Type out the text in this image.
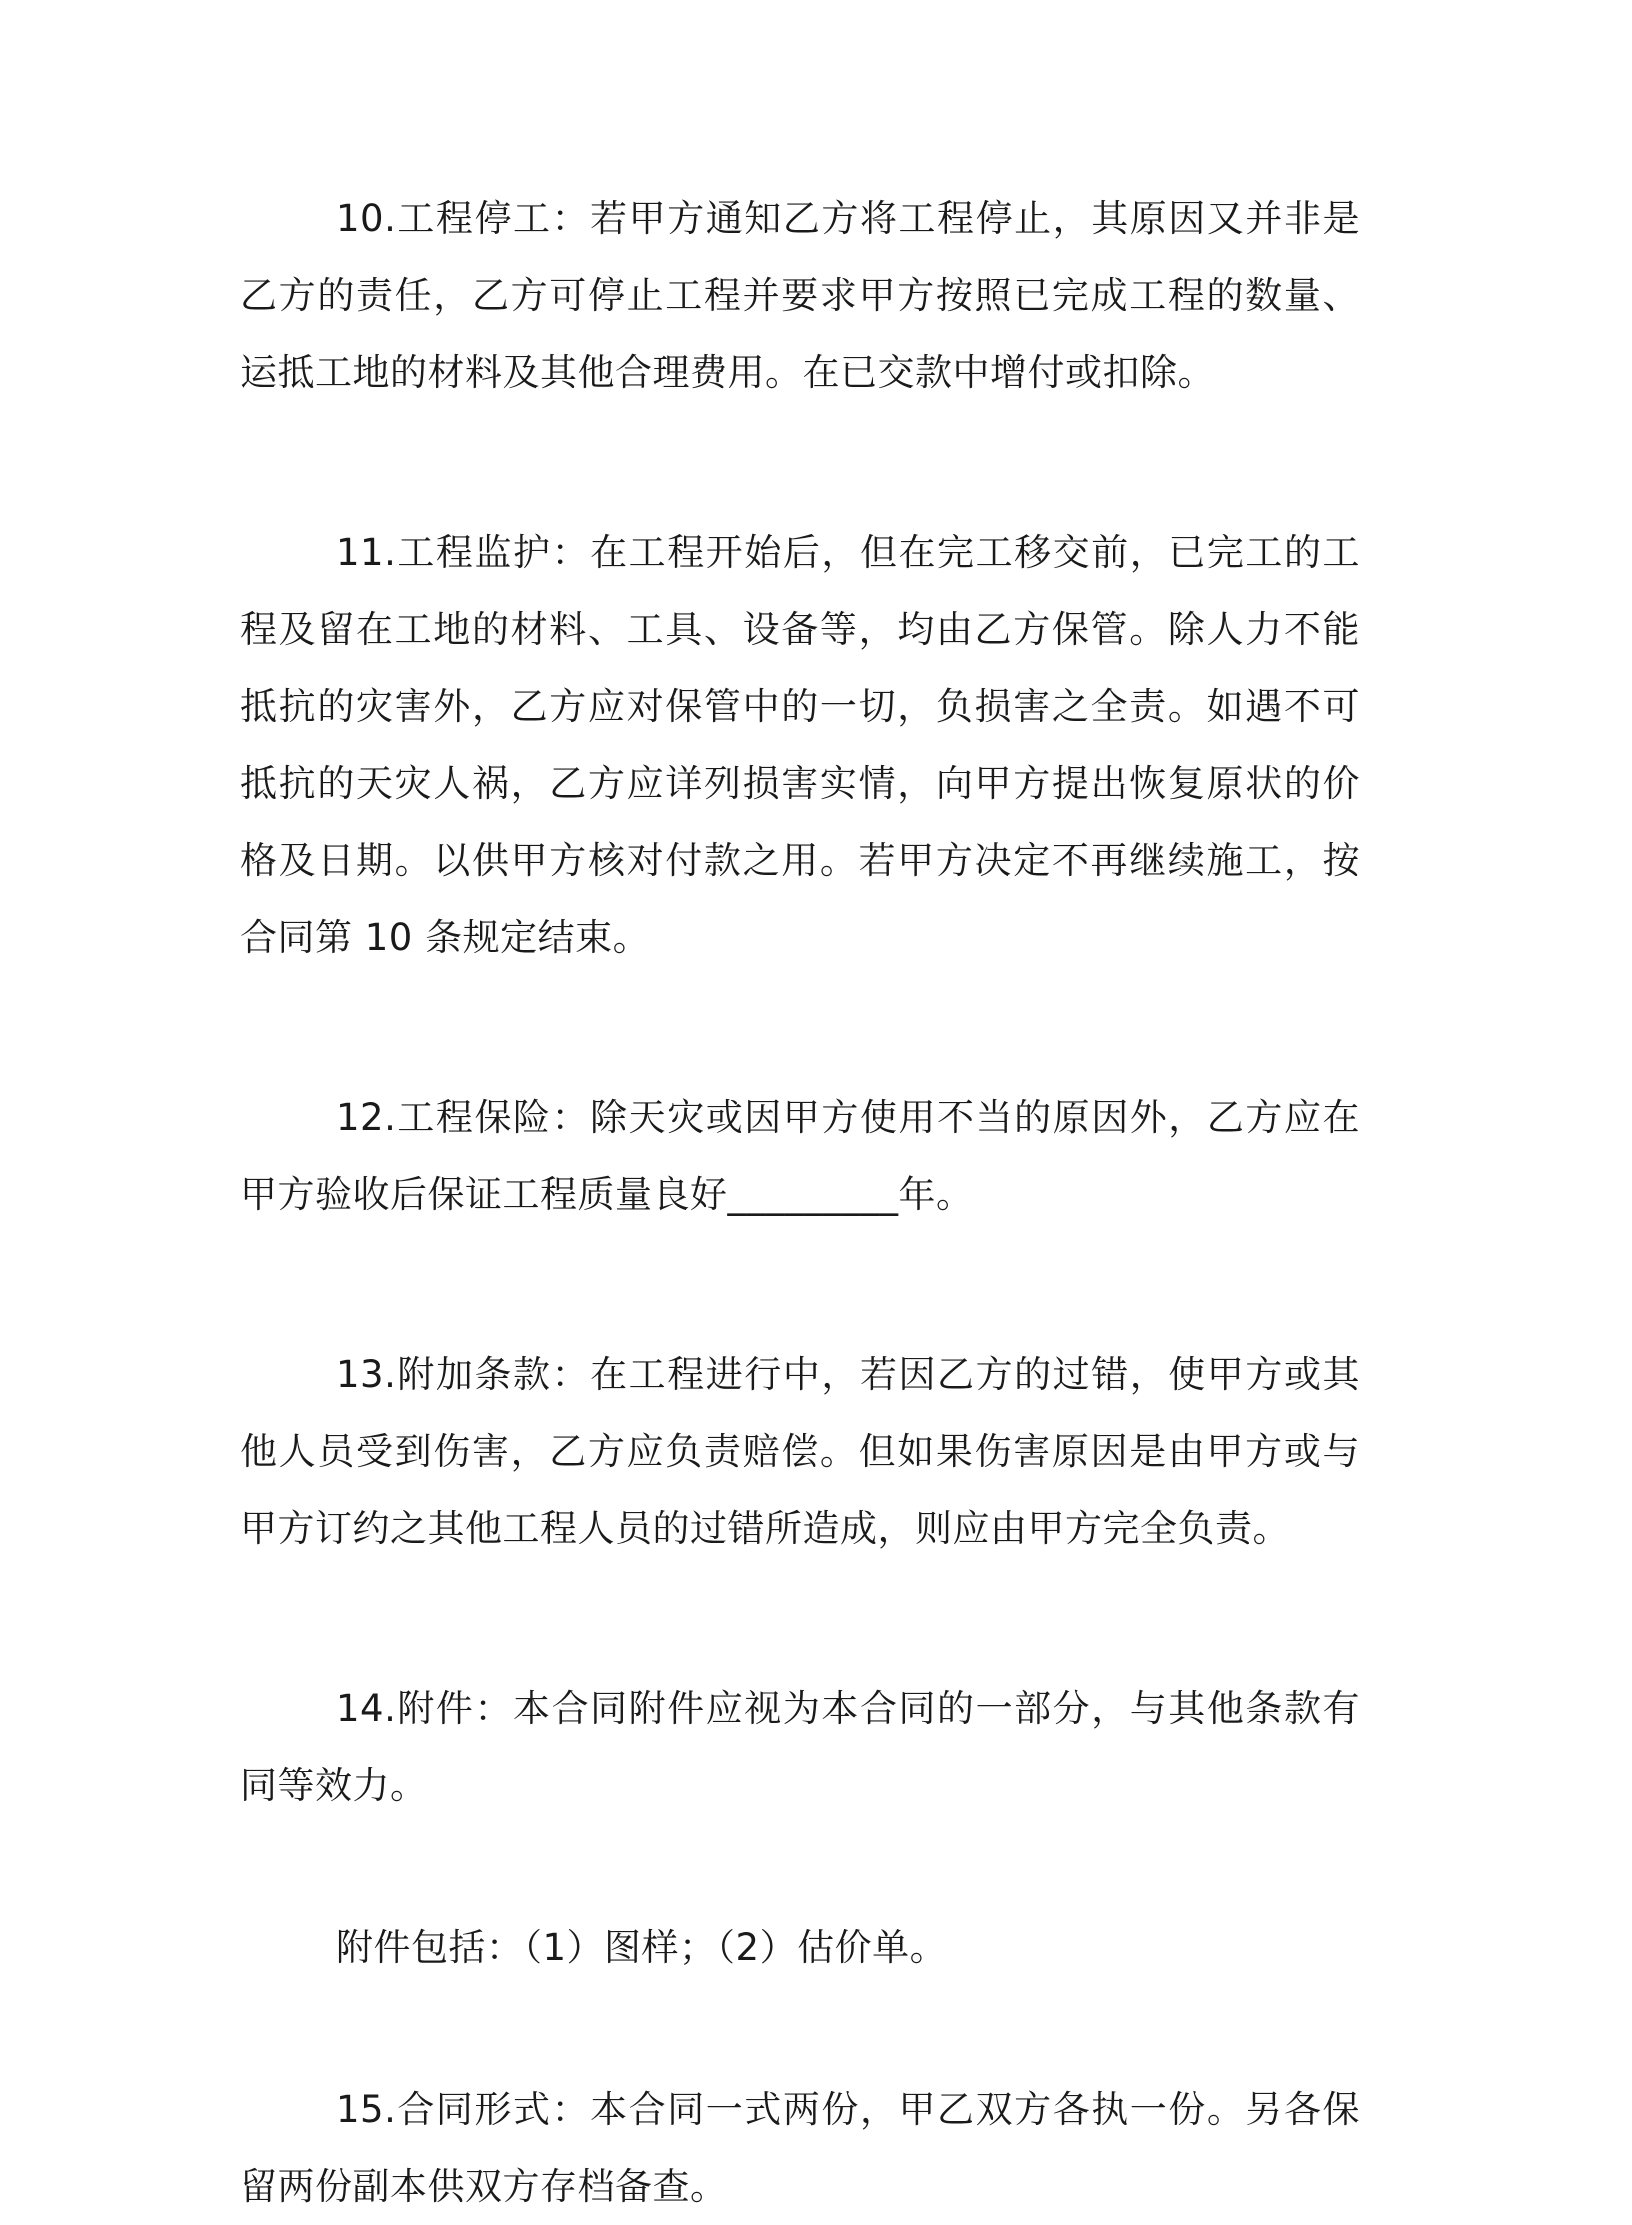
10.工程停工：若甲方通知乙方将工程停止，其原因又并非是乙方的责任，乙方可停止工程并要求甲方按照已完成工程的数量、运抵工地的材料及其他合理费用。在已交款中增付或扣除。

11.工程监护：在工程开始后，但在完工移交前，已完工的工程及留在工地的材料、工具、设备等，均由乙方保管。除人力不能抵抗的灾害外，乙方应对保管中的一切，负损害之全责。如遇不可抵抗的天灾人祸，乙方应详列损害实情，向甲方提出恢复原状的价格及日期。以供甲方核对付款之用。若甲方决定不再继续施工，按合同第 10 条规定结束。

12.工程保险：除天灾或因甲方使用不当的原因外，乙方应在甲方验收后保证工程质量良好_________年。

13.附加条款：在工程进行中，若因乙方的过错，使甲方或其他人员受到伤害，乙方应负责赔偿。但如果伤害原因是由甲方或与甲方订约之其他工程人员的过错所造成，则应由甲方完全负责。

14.附件：本合同附件应视为本合同的一部分，与其他条款有同等效力。

附件包括：（1）图样；（2）估价单。

15.合同形式：本合同一式两份，甲乙双方各执一份。另各保留两份副本供双方存档备查。
